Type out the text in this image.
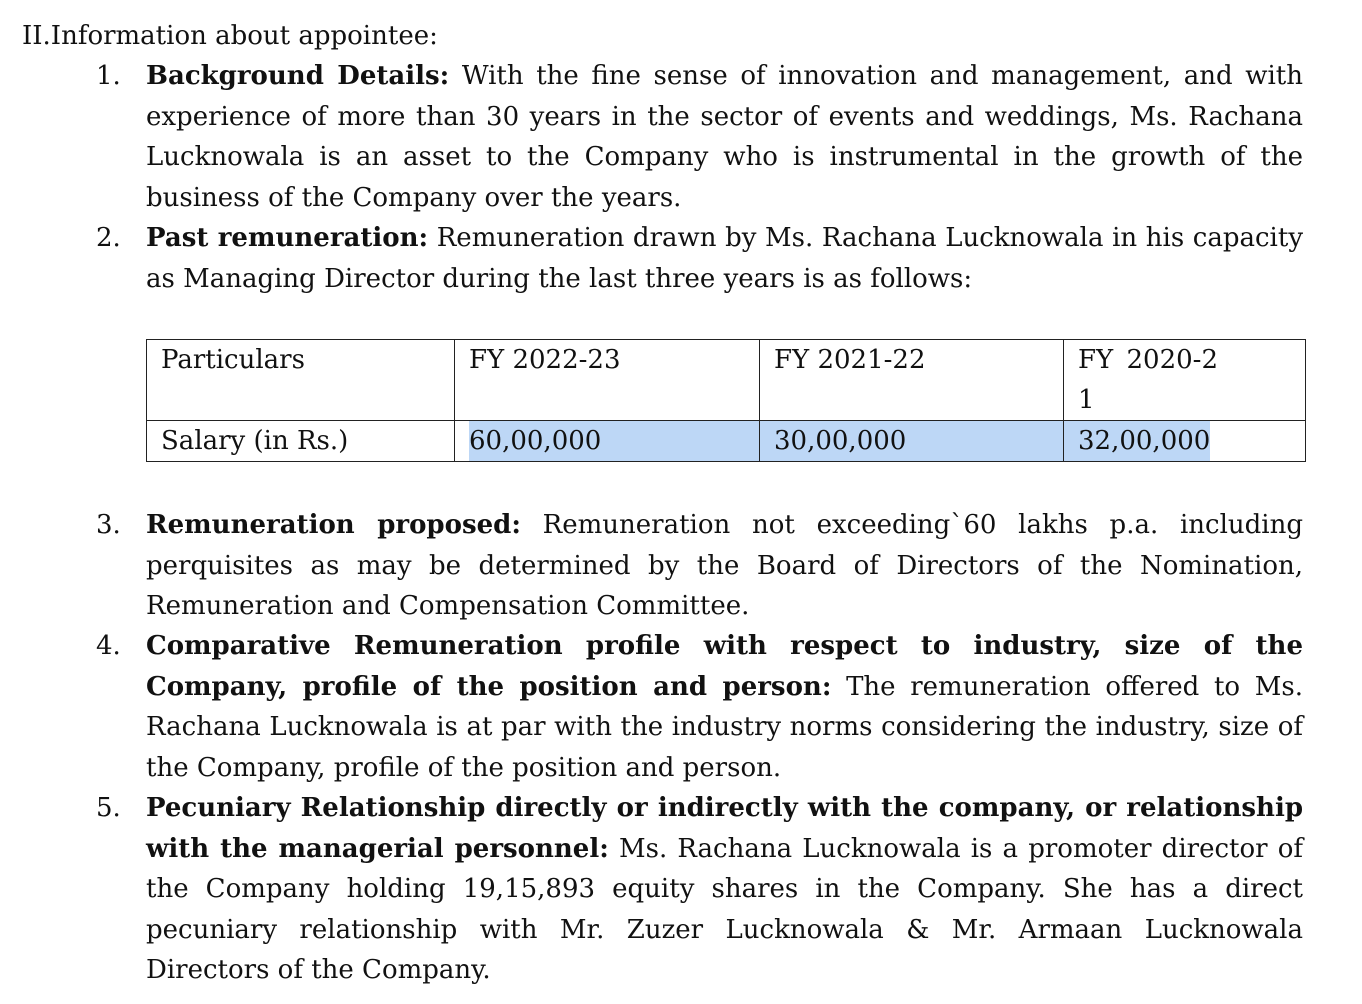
II.Information about appointee:
1. Background Details: With the fine sense of innovation and management, and with experience of more than 30 years in the sector of events and weddings, Ms. Rachana Lucknowala is an asset to the Company who is instrumental in the growth of the business of the Company over the years.

2. Past remuneration: Remuneration drawn by Ms. Rachana Lucknowala in his capacity as Managing Director during the last three years is as follows:

Particulars	FY 2022-23	FY 2021-22	FY 2020-21

Salary (in Rs.)	60,00,000	30,00,000	32,00,000
3. Remuneration proposed: Remuneration not exceeding`60 lakhs p.a. including perquisites as may be determined by the Board of Directors of the Nomination, Remuneration and Compensation Committee.

4. Comparative Remuneration profile with respect to industry, size of the Company, profile of the position and person: The remuneration offered to Ms. Rachana Lucknowala is at par with the industry norms considering the industry, size of the Company, profile of the position and person.

5. Pecuniary Relationship directly or indirectly with the company, or relationship with the managerial personnel: Ms. Rachana Lucknowala is a promoter director of the Company holding 19,15,893 equity shares in the Company. She has a direct pecuniary relationship with Mr. Zuzer Lucknowala & Mr. Armaan Lucknowala Directors of the Company.
